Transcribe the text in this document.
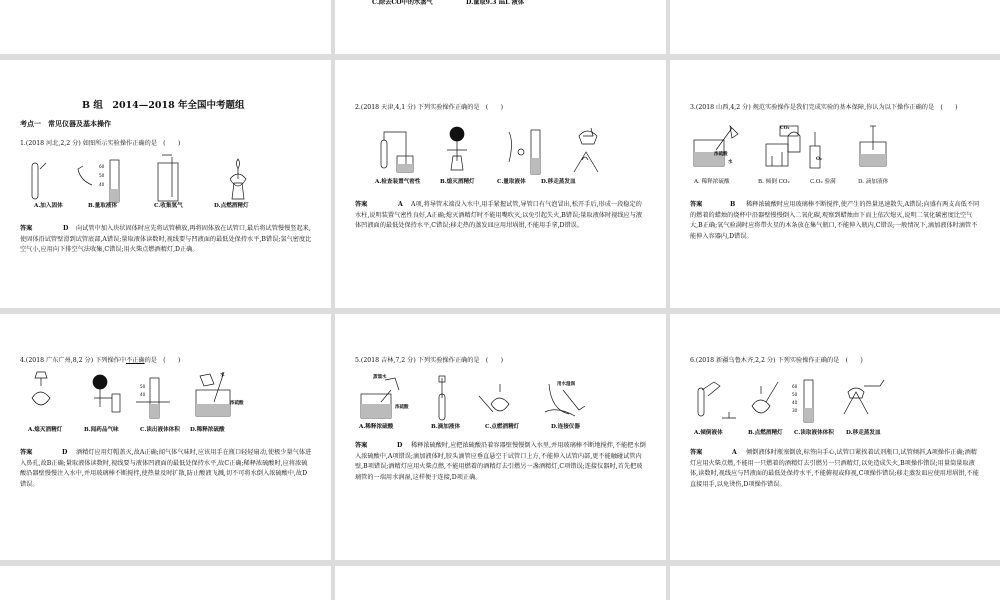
C.除去CO中的水蒸气	D.量取9.3 mL 液体
B 组　2014—2018 年全国中考题组
考点一　常见仪器及基本操作
1.(2018 河北,2,2 分) 如图所示实验操作正确的是　(　　)
60
50
40
A.加入固体	B.量取液体	C.收集氢气	D.点燃酒精灯
答案	D	向试管中加入块状固体时应先将试管横放,再将固体放在试管口,最后将试管慢慢竖起来,使固体沿试管壁滑到试管底部,A错误;量取液体读数时,视线要与凹液面的最低处保持水平,B错误;氢气密度比空气小,应用向下排空气法收集,C错误;用火柴点燃酒精灯,D正确。
2.(2018 天津,4,1 分) 下列实验操作正确的是　(　　)
A.检查装置气密性	B.熄灭酒精灯	C.量取液体	D.移走蒸发皿
答案	A	A项,将导管末端没入水中,用手紧握试管,导管口有气泡冒出,松开手后,形成一段稳定的水柱,说明装置气密性良好,A正确;熄灭酒精灯时不能用嘴吹灭,以免引起失火,B错误;量取液体时视线应与液体凹液面的最低处保持水平,C错误;移走热的蒸发皿应用坩埚钳,不能用手拿,D错误。
3.(2018 山西,4,2 分) 规范实验操作是我们完成实验的基本保障,你认为以下操作正确的是　(　　)
CO₂
浓硫酸
水
O₂
A. 稀释浓硫酸	B. 倾倒 CO₂	C.O₂ 验满	D. 滴加液体
答案	B	稀释浓硫酸时应用玻璃棒不断搅拌,使产生的热量迅速散失,A错误;向盛有两支高低不同的燃着的蜡烛的烧杯中沿器壁慢慢倒入二氧化碳,观察到蜡烛由下而上依次熄灭,说明二氧化碳密度比空气大,B正确;氧气验满时应将带火星的木条放在集气瓶口,不能伸入瓶内,C错误;一般情况下,滴加液体时滴管不能伸入容器内,D错误。
4.(2018 广东广州,8,2 分) 下列操作中不正确的是　(　　)
50
40
水
浓硫酸
A.熄灭酒精灯	B.闻药品气味	C.读出液体体积 D.稀释浓硫酸
答案	D	酒精灯应用灯帽盖灭,故A正确;闻气体气味时,应该用手在瓶口轻轻扇动,使极少量气体进入鼻孔,故B正确;量取液体读数时,视线要与液体凹液面的最低处保持水平,故C正确;稀释浓硫酸时,应将浓硫酸沿器壁慢慢注入水中,并用玻璃棒不断搅拌,使热量及时扩散,防止酸液飞溅,切不可将水倒入浓硫酸中,故D错误。
5.(2018 吉林,7,2 分) 下列实验操作正确的是　(　　)
蒸馏水
浓硫酸
用水湿润
A.稀释浓硫酸	B.滴加液体	C.点燃酒精灯	D.连接仪器
答案	D	稀释浓硫酸时,应把浓硫酸沿着容器壁慢慢倒入水里,并用玻璃棒不断地搅拌,不能把水倒入浓硫酸中,A项错误;滴加液体时,胶头滴管应垂直悬空于试管口上方,不能伸入试管内部,更不能触碰试管内壁,B项错误;酒精灯应用火柴点燃,不能用燃着的酒精灯去引燃另一盏酒精灯,C项错误;连接仪器时,首先把玻璃管的一端用水润湿,这样便于连接,D项正确。
6.(2018 新疆乌鲁木齐,2,2 分) 下列实验操作正确的是　(　　)
60
50
40
30
A.倾倒液体	B.点燃酒精灯 C.读取液体体积 D.移走蒸发皿
答案	A	倾倒液体时瓶塞倒放,标签向手心,试管口紧挨着试剂瓶口,试管倾斜,A项操作正确;酒精灯应用火柴点燃,不能用一只燃着的酒精灯去引燃另一只酒精灯,以免造成失火,B项操作错误;用量筒量取液体,读数时,视线应与凹液面的最低处保持水平,不能俯视或仰视,C项操作错误;移走蒸发皿应使用坩埚钳,不能直接用手,以免烫伤,D项操作错误。
